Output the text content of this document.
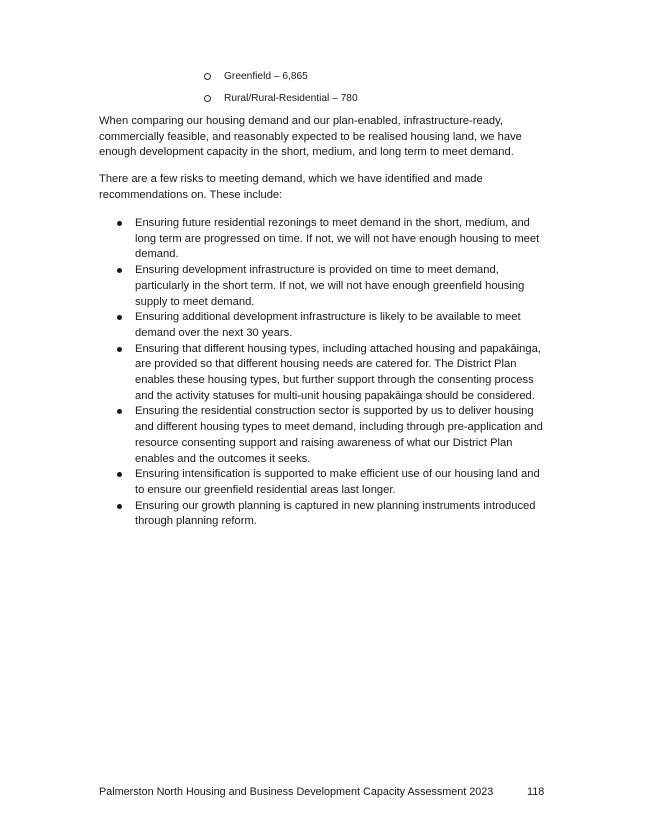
Greenfield – 6,865
Rural/Rural-Residential – 780

When comparing our housing demand and our plan-enabled, infrastructure-ready, commercially feasible, and reasonably expected to be realised housing land, we have enough development capacity in the short, medium, and long term to meet demand.

There are a few risks to meeting demand, which we have identified and made recommendations on. These include:

Ensuring future residential rezonings to meet demand in the short, medium, and long term are progressed on time. If not, we will not have enough housing to meet demand.
Ensuring development infrastructure is provided on time to meet demand, particularly in the short term. If not, we will not have enough greenfield housing supply to meet demand.
Ensuring additional development infrastructure is likely to be available to meet demand over the next 30 years.
Ensuring that different housing types, including attached housing and papakāinga, are provided so that different housing needs are catered for. The District Plan enables these housing types, but further support through the consenting process and the activity statuses for multi-unit housing papakāinga should be considered.
Ensuring the residential construction sector is supported by us to deliver housing and different housing types to meet demand, including through pre-application and resource consenting support and raising awareness of what our District Plan enables and the outcomes it seeks.
Ensuring intensification is supported to make efficient use of our housing land and to ensure our greenfield residential areas last longer.
Ensuring our growth planning is captured in new planning instruments introduced through planning reform.
Palmerston North Housing and Business Development Capacity Assessment 2023	118
